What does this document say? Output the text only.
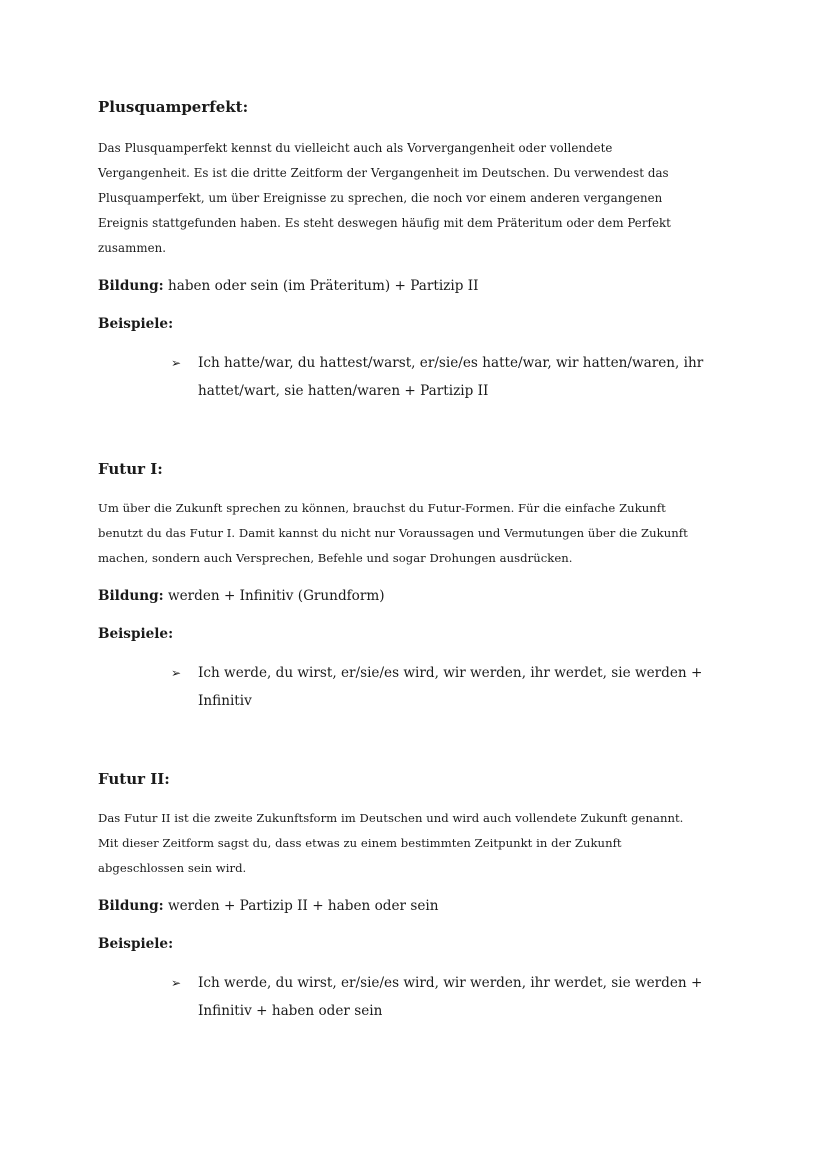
Plusquamperfekt:
Das Plusquamperfekt kennst du vielleicht auch als Vorvergangenheit oder vollendete
Vergangenheit. Es ist die dritte Zeitform der Vergangenheit im Deutschen. Du verwendest das
Plusquamperfekt, um über Ereignisse zu sprechen, die noch vor einem anderen vergangenen
Ereignis stattgefunden haben. Es steht deswegen häufig mit dem Präteritum oder dem Perfekt
zusammen.
Bildung: haben oder sein (im Präteritum) + Partizip II
Beispiele:
➢ Ich hatte/war, du hattest/warst, er/sie/es hatte/war, wir hatten/waren, ihr
hattet/wart, sie hatten/waren + Partizip II
Futur I:
Um über die Zukunft sprechen zu können, brauchst du Futur-Formen. Für die einfache Zukunft
benutzt du das Futur I. Damit kannst du nicht nur Voraussagen und Vermutungen über die Zukunft
machen, sondern auch Versprechen, Befehle und sogar Drohungen ausdrücken.
Bildung: werden + Infinitiv (Grundform)
Beispiele:
➢ Ich werde, du wirst, er/sie/es wird, wir werden, ihr werdet, sie werden +
Infinitiv
Futur II:
Das Futur II ist die zweite Zukunftsform im Deutschen und wird auch vollendete Zukunft genannt.
Mit dieser Zeitform sagst du, dass etwas zu einem bestimmten Zeitpunkt in der Zukunft
abgeschlossen sein wird.
Bildung: werden + Partizip II + haben oder sein
Beispiele:
➢ Ich werde, du wirst, er/sie/es wird, wir werden, ihr werdet, sie werden +
Infinitiv + haben oder sein
